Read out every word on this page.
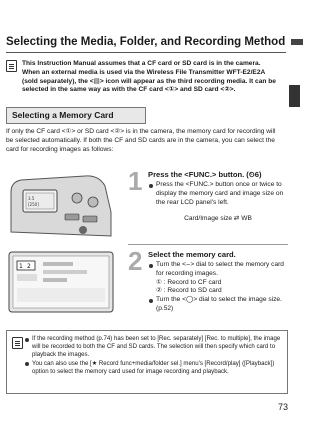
Selecting the Media, Folder, and Recording Method
This Instruction Manual assumes that a CF card or SD card is in the camera. When an external media is used via the Wireless File Transmitter WFT-E2/E2A (sold separately), the <▤> icon will appear as the third recording media. It can be selected in the same way as with the CF card <①> and SD card <②>.
Selecting a Memory Card
If only the CF card <①> or SD card <②> is in the camera, the memory card for recording will be selected automatically. If both the CF and SD cards are in the camera, you can select the card for recording images as follows:
3.5
[250]
1 2
1 Press the <FUNC.> button. (⏲6)
Press the <FUNC.> button once or twice to display the memory card and image size on the rear LCD panel's left.
Card/Image size ⇄ WB
2 Select the memory card.
Turn the <⌢> dial to select the memory card for recording images.
① : Record to CF card
② : Record to SD card
Turn the <◯> dial to select the image size. (p.52)
If the recording method (p.74) has been set to [Rec. separately] [Rec. to multiple], the image will be recorded to both the CF and SD cards. The selection will then specify which card to playback the images.
You can also use the [★ Record func+media/folder sel.] menu's [Record/play] ([Playback]) option to select the memory card used for image recording and playback.
73
